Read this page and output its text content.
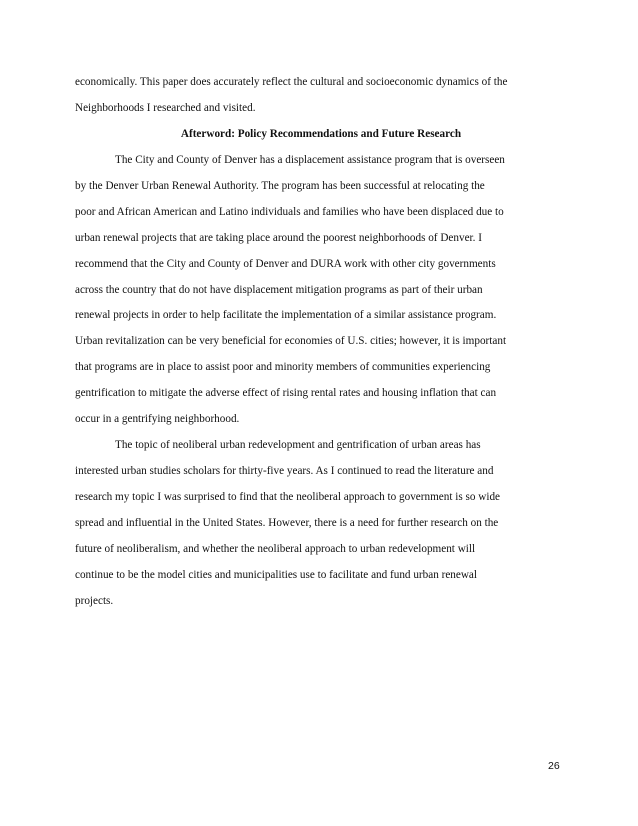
economically. This paper does accurately reflect the cultural and socioeconomic dynamics of the
Neighborhoods I researched and visited.
Afterword: Policy Recommendations and Future Research
The City and County of Denver has a displacement assistance program that is overseen
by the Denver Urban Renewal Authority. The program has been successful at relocating the
poor and African American and Latino individuals and families who have been displaced due to
urban renewal projects that are taking place around the poorest neighborhoods of Denver. I
recommend that the City and County of Denver and DURA work with other city governments
across the country that do not have displacement mitigation programs as part of their urban
renewal projects in order to help facilitate the implementation of a similar assistance program.
Urban revitalization can be very beneficial for economies of U.S. cities; however, it is important
that programs are in place to assist poor and minority members of communities experiencing
gentrification to mitigate the adverse effect of rising rental rates and housing inflation that can
occur in a gentrifying neighborhood.
The topic of neoliberal urban redevelopment and gentrification of urban areas has
interested urban studies scholars for thirty-five years. As I continued to read the literature and
research my topic I was surprised to find that the neoliberal approach to government is so wide
spread and influential in the United States. However, there is a need for further research on the
future of neoliberalism, and whether the neoliberal approach to urban redevelopment will
continue to be the model cities and municipalities use to facilitate and fund urban renewal
projects.
26
